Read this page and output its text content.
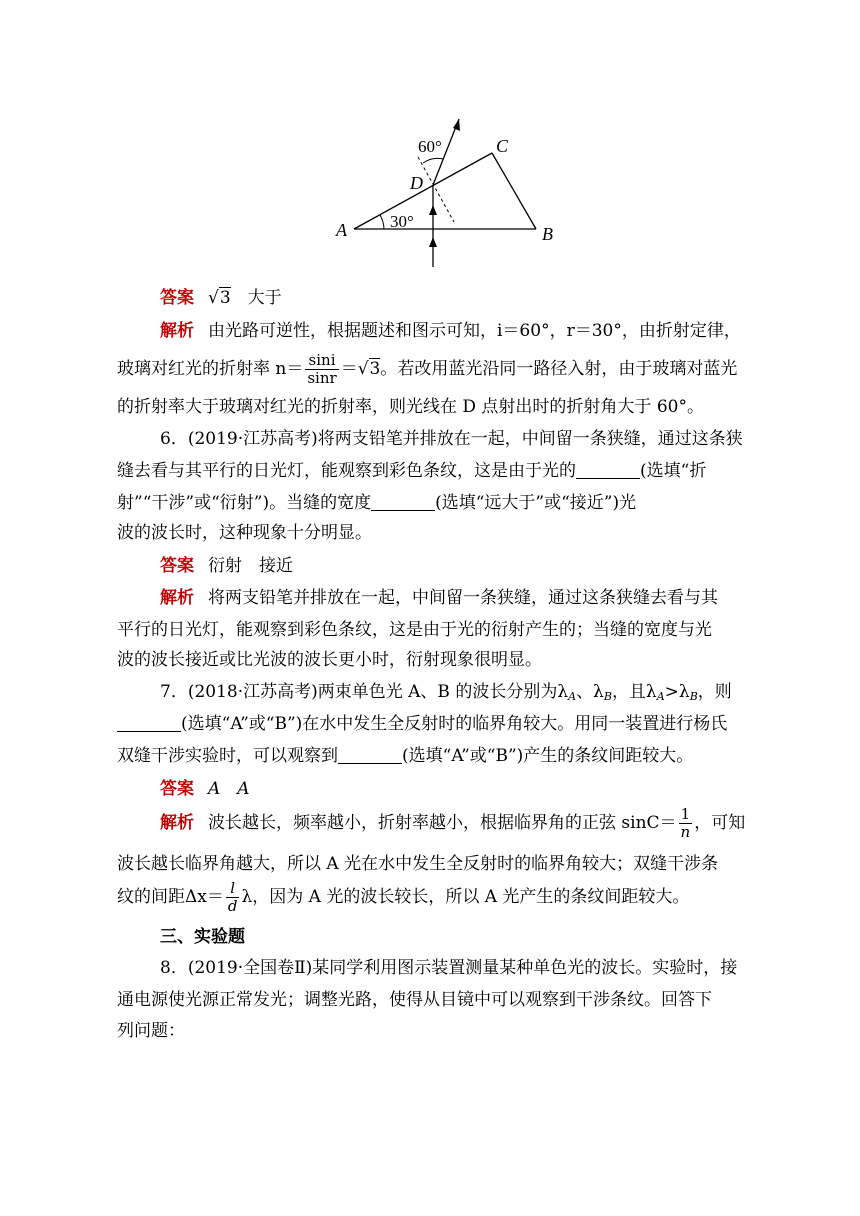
60°
30°
A	B
C
D
答案 √3　 大于
解析 由光路可逆性，根据题述和图示可知，i＝60°，r＝30°，由折射定律，
玻璃对红光的折射率 $n= \frac{\sin i}{\sin r} =√3$。若改用蓝光沿同一路径入射，由于玻璃对蓝光
的折射率大于玻璃对红光的折射率，则光线在 D 点射出时的折射角大于 60°。
6．(2019·江苏高考)将两支铅笔并排放在一起，中间留一条狭缝，通过这条狭
缝去看与其平行的日光灯，能观察到彩色条纹，这是由于光的	(选填“折
射”“干涉”或“衍射”)。当缝的宽度	(选填“远大于”或“接近”)光
波的波长时，这种现象十分明显。
答案 衍射　接近
解析 将两支铅笔并排放在一起，中间留一条狭缝，通过这条狭缝去看与其
平行的日光灯，能观察到彩色条纹，这是由于光的衍射产生的；当缝的宽度与光
波的波长接近或比光波的波长更小时，衍射现象很明显。
7．(2018·江苏高考)两束单色光 A、B 的波长分别为$\lambda_A$、$\lambda_B$，且$\lambda_A>\lambda_B$，则
(选填“A”或“B”)在水中发生全反射时的临界角较大。用同一装置进行杨氏
双缝干涉实验时，可以观察到	(选填“A”或“B”)产生的条纹间距较大。
答案 A　A
解析 波长越长，频率越小，折射率越小，根据临界角的正弦 $\sin C= \frac{1}{n}$ ，可知
波长越长临界角越大，所以 A 光在水中发生全反射时的临界角较大；双缝干涉条
纹的间距$\Delta x= \frac{l}{d}$ λ，因为 A 光的波长较长，所以 A 光产生的条纹间距较大。
三、实验题
8．(2019·全国卷Ⅱ)某同学利用图示装置测量某种单色光的波长。实验时，接
通电源使光源正常发光；调整光路，使得从目镜中可以观察到干涉条纹。回答下
列问题：
